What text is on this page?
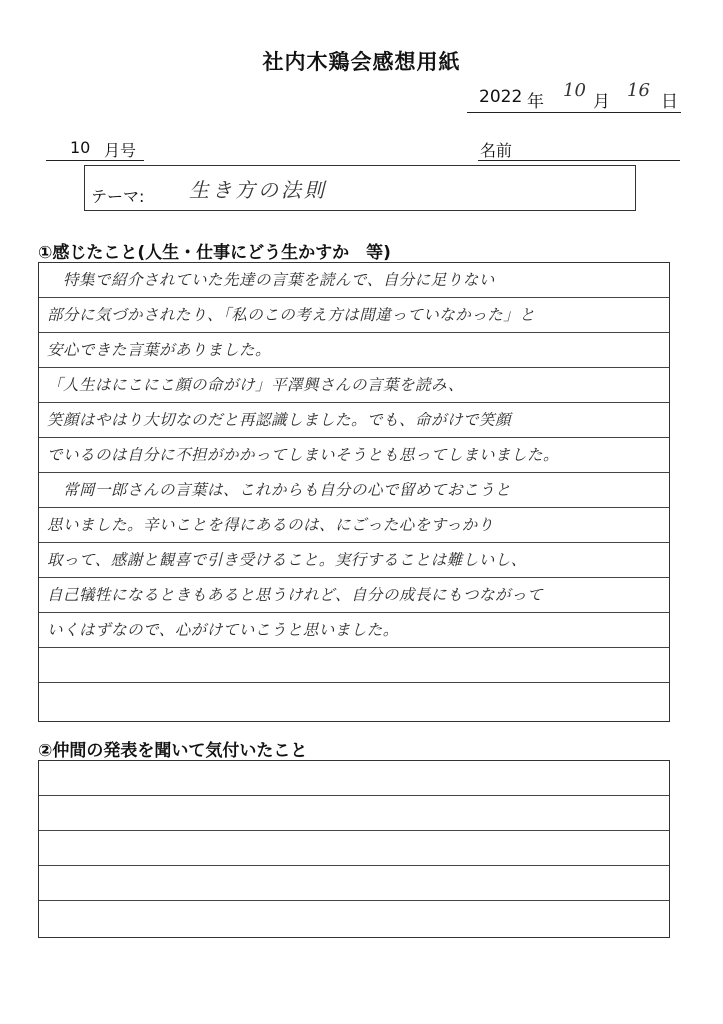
社内木鶏会感想用紙
2022 年
10
月
16
日
10 月号	名前
テーマ: 生き方の法則
①感じたこと(人生・仕事にどう生かすか　等)
　特集で紹介されていた先達の言葉を読んで、自分に足りない
部分に気づかされたり、「私のこの考え方は間違っていなかった」と
安心できた言葉がありました。
「人生はにこにこ顔の命がけ」平澤興さんの言葉を読み、
笑顔はやはり大切なのだと再認識しました。でも、命がけで笑顔
でいるのは自分に不担がかかってしまいそうとも思ってしまいました。
　常岡一郎さんの言葉は、これからも自分の心で留めておこうと
思いました。辛いことを得にあるのは、にごった心をすっかり
取って、感謝と観喜で引き受けること。実行することは難しいし、
自己犠牲になるときもあると思うけれど、自分の成長にもつながって
いくはずなので、心がけていこうと思いました。
②仲間の発表を聞いて気付いたこと
